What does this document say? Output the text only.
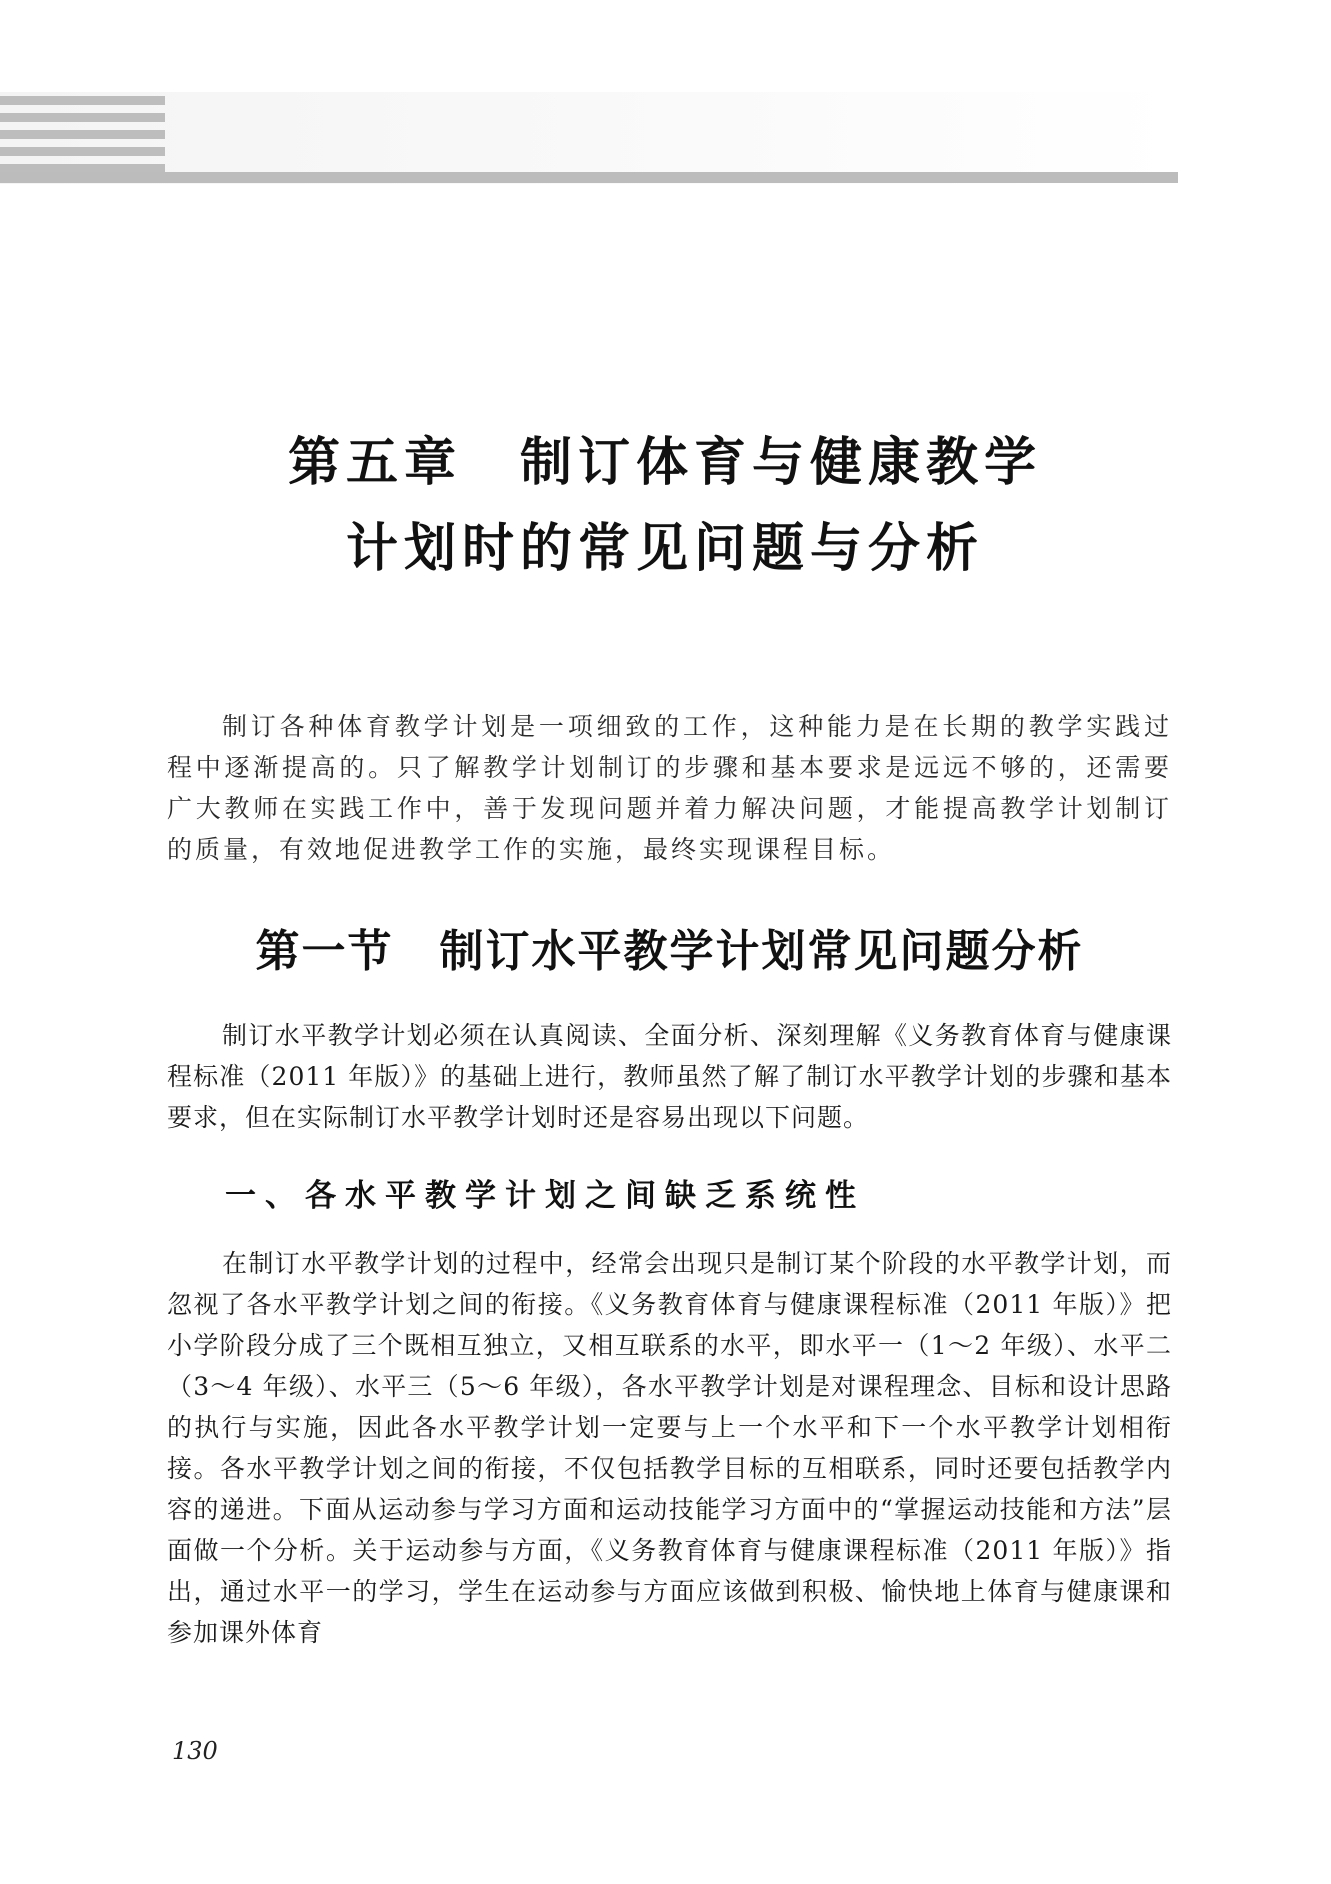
第五章　制订体育与健康教学
计划时的常见问题与分析

制订各种体育教学计划是一项细致的工作，这种能力是在长期的教学实践过程中逐渐提高的。只了解教学计划制订的步骤和基本要求是远远不够的，还需要广大教师在实践工作中，善于发现问题并着力解决问题，才能提高教学计划制订的质量，有效地促进教学工作的实施，最终实现课程目标。

第一节　制订水平教学计划常见问题分析

制订水平教学计划必须在认真阅读、全面分析、深刻理解《义务教育体育与健康课程标准（2011 年版）》的基础上进行，教师虽然了解了制订水平教学计划的步骤和基本要求，但在实际制订水平教学计划时还是容易出现以下问题。

一、各水平教学计划之间缺乏系统性

在制订水平教学计划的过程中，经常会出现只是制订某个阶段的水平教学计划，而忽视了各水平教学计划之间的衔接。《义务教育体育与健康课程标准（2011 年版）》把小学阶段分成了三个既相互独立，又相互联系的水平，即水平一（1～2 年级）、水平二（3～4 年级）、水平三（5～6 年级），各水平教学计划是对课程理念、目标和设计思路的执行与实施，因此各水平教学计划一定要与上一个水平和下一个水平教学计划相衔接。各水平教学计划之间的衔接，不仅包括教学目标的互相联系，同时还要包括教学内容的递进。下面从运动参与学习方面和运动技能学习方面中的“掌握运动技能和方法”层面做一个分析。关于运动参与方面，《义务教育体育与健康课程标准（2011 年版）》指出，通过水平一的学习，学生在运动参与方面应该做到积极、愉快地上体育与健康课和参加课外体育

130
